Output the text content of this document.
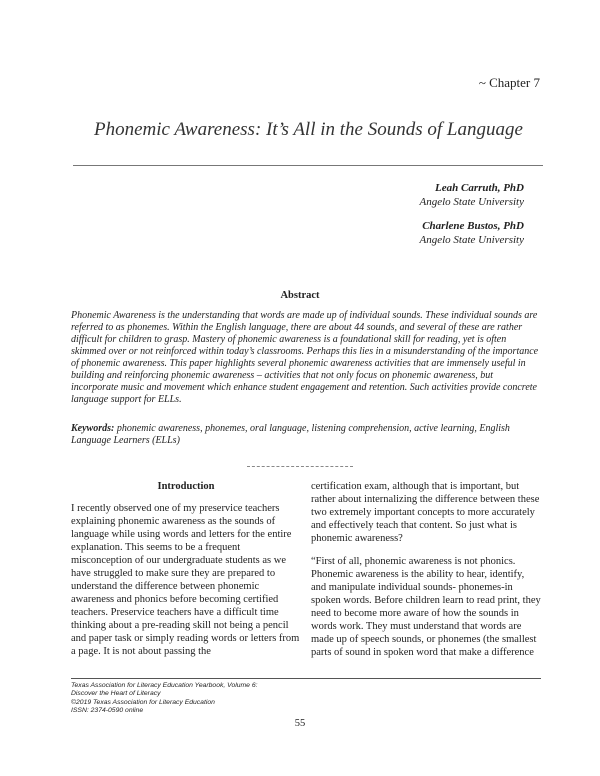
~ Chapter 7
Phonemic Awareness: It’s All in the Sounds of Language
Leah Carruth, PhD
Angelo State University
Charlene Bustos, PhD
Angelo State University
Abstract

Phonemic Awareness is the understanding that words are made up of individual sounds. These individual sounds are referred to as phonemes. Within the English language, there are about 44 sounds, and several of these are rather difficult for children to grasp. Mastery of phonemic awareness is a foundational skill for reading, yet is often skimmed over or not reinforced within today’s classrooms. Perhaps this lies in a misunderstanding of the importance of phonemic awareness. This paper highlights several phonemic awareness activities that are immensely useful in building and reinforcing phonemic awareness – activities that not only focus on phonemic awareness, but incorporate music and movement which enhance student engagement and retention. Such activities provide concrete language support for ELLs.

Keywords: phonemic awareness, phonemes, oral language, listening comprehension, active learning, English Language Learners (ELLs)

Introduction

I recently observed one of my preservice teachers explaining phonemic awareness as the sounds of language while using words and letters for the entire explanation. This seems to be a frequent misconception of our undergraduate students as we have struggled to make sure they are prepared to understand the difference between phonemic awareness and phonics before becoming certified teachers. Preservice teachers have a difficult time thinking about a pre-reading skill not being a pencil and paper task or simply reading words or letters from a page. It is not about passing the

certification exam, although that is important, but rather about internalizing the difference between these two extremely important concepts to more accurately and effectively teach that content. So just what is phonemic awareness?

“First of all, phonemic awareness is not phonics. Phonemic awareness is the ability to hear, identify, and manipulate individual sounds- phonemes-in spoken words. Before children learn to read print, they need to become more aware of how the sounds in words work. They must understand that words are made up of speech sounds, or phonemes (the smallest parts of sound in spoken word that make a difference

Texas Association for Literacy Education Yearbook, Volume 6:
Discover the Heart of Literacy
©2019 Texas Association for Literacy Education
ISSN: 2374-0590 online
55
